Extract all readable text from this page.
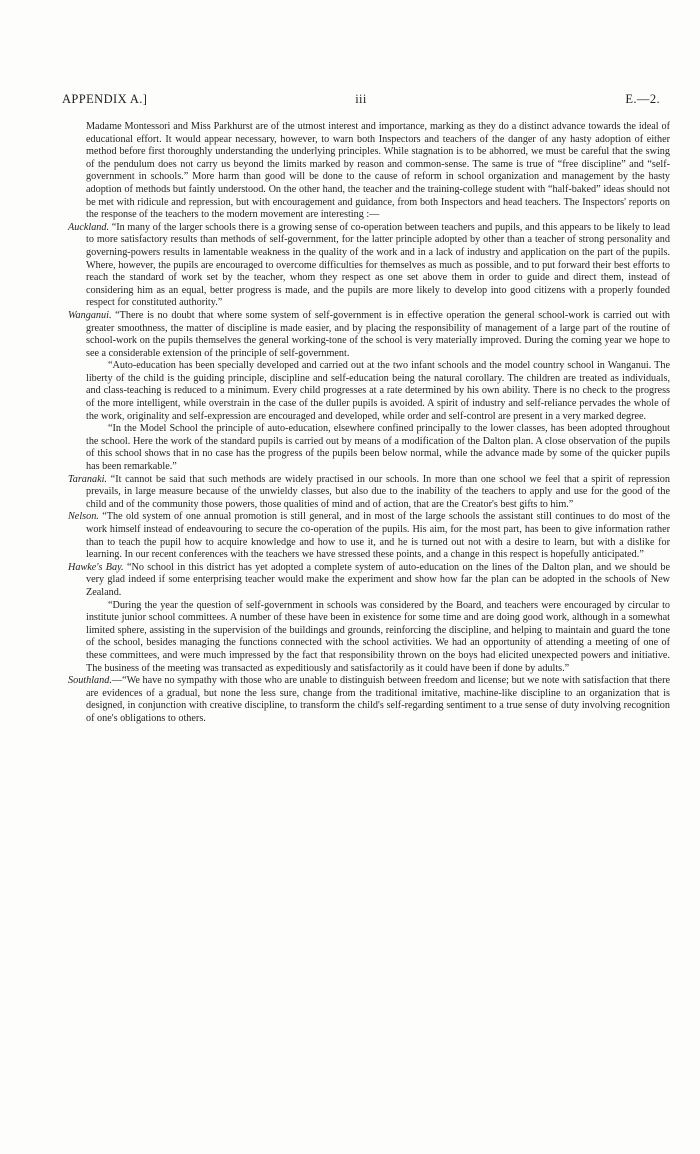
APPENDIX A.]	iii	E.—2.

Madame Montessori and Miss Parkhurst are of the utmost interest and importance, marking as they do a distinct advance towards the ideal of educational effort. It would appear necessary, however, to warn both Inspectors and teachers of the danger of any hasty adoption of either method before first thoroughly understanding the underlying principles. While stagnation is to be abhorred, we must be careful that the swing of the pendulum does not carry us beyond the limits marked by reason and common-sense. The same is true of “free discipline” and “self-government in schools.” More harm than good will be done to the cause of reform in school organization and management by the hasty adoption of methods but faintly understood. On the other hand, the teacher and the training-college student with “half-baked” ideas should not be met with ridicule and repression, but with encouragement and guidance, from both Inspectors and head teachers. The Inspectors' reports on the response of the teachers to the modern movement are interesting :—

Auckland. “In many of the larger schools there is a growing sense of co-operation between teachers and pupils, and this appears to be likely to lead to more satisfactory results than methods of self-government, for the latter principle adopted by other than a teacher of strong personality and governing-powers results in lamentable weakness in the quality of the work and in a lack of industry and application on the part of the pupils. Where, however, the pupils are encouraged to overcome difficulties for themselves as much as possible, and to put forward their best efforts to reach the standard of work set by the teacher, whom they respect as one set above them in order to guide and direct them, instead of considering him as an equal, better progress is made, and the pupils are more likely to develop into good citizens with a properly founded respect for constituted authority.”

Wanganui. “There is no doubt that where some system of self-government is in effective operation the general school-work is carried out with greater smoothness, the matter of discipline is made easier, and by placing the responsibility of management of a large part of the routine of school-work on the pupils themselves the general working-tone of the school is very materially improved. During the coming year we hope to see a considerable extension of the principle of self-government.

“Auto-education has been specially developed and carried out at the two infant schools and the model country school in Wanganui. The liberty of the child is the guiding principle, discipline and self-education being the natural corollary. The children are treated as individuals, and class-teaching is reduced to a minimum. Every child progresses at a rate determined by his own ability. There is no check to the progress of the more intelligent, while overstrain in the case of the duller pupils is avoided. A spirit of industry and self-reliance pervades the whole of the work, originality and self-expression are encouraged and developed, while order and self-control are present in a very marked degree.

“In the Model School the principle of auto-education, elsewhere confined principally to the lower classes, has been adopted throughout the school. Here the work of the standard pupils is carried out by means of a modification of the Dalton plan. A close observation of the pupils of this school shows that in no case has the progress of the pupils been below normal, while the advance made by some of the quicker pupils has been remarkable.”

Taranaki. “It cannot be said that such methods are widely practised in our schools. In more than one school we feel that a spirit of repression prevails, in large measure because of the unwieldy classes, but also due to the inability of the teachers to apply and use for the good of the child and of the community those powers, those qualities of mind and of action, that are the Creator's best gifts to him.”

Nelson. “The old system of one annual promotion is still general, and in most of the large schools the assistant still continues to do most of the work himself instead of endeavouring to secure the co-operation of the pupils. His aim, for the most part, has been to give information rather than to teach the pupil how to acquire knowledge and how to use it, and he is turned out not with a desire to learn, but with a dislike for learning. In our recent conferences with the teachers we have stressed these points, and a change in this respect is hopefully anticipated.”

Hawke's Bay. “No school in this district has yet adopted a complete system of auto-education on the lines of the Dalton plan, and we should be very glad indeed if some enterprising teacher would make the experiment and show how far the plan can be adopted in the schools of New Zealand.

“During the year the question of self-government in schools was considered by the Board, and teachers were encouraged by circular to institute junior school committees. A number of these have been in existence for some time and are doing good work, although in a somewhat limited sphere, assisting in the supervision of the buildings and grounds, reinforcing the discipline, and helping to maintain and guard the tone of the school, besides managing the functions connected with the school activities. We had an opportunity of attending a meeting of one of these committees, and were much impressed by the fact that responsibility thrown on the boys had elicited unexpected powers and initiative. The business of the meeting was transacted as expeditiously and satisfactorily as it could have been if done by adults.”

Southland.—“We have no sympathy with those who are unable to distinguish between freedom and license; but we note with satisfaction that there are evidences of a gradual, but none the less sure, change from the traditional imitative, machine-like discipline to an organization that is designed, in conjunction with creative discipline, to transform the child's self-regarding sentiment to a true sense of duty involving recognition of one's obligations to others.
